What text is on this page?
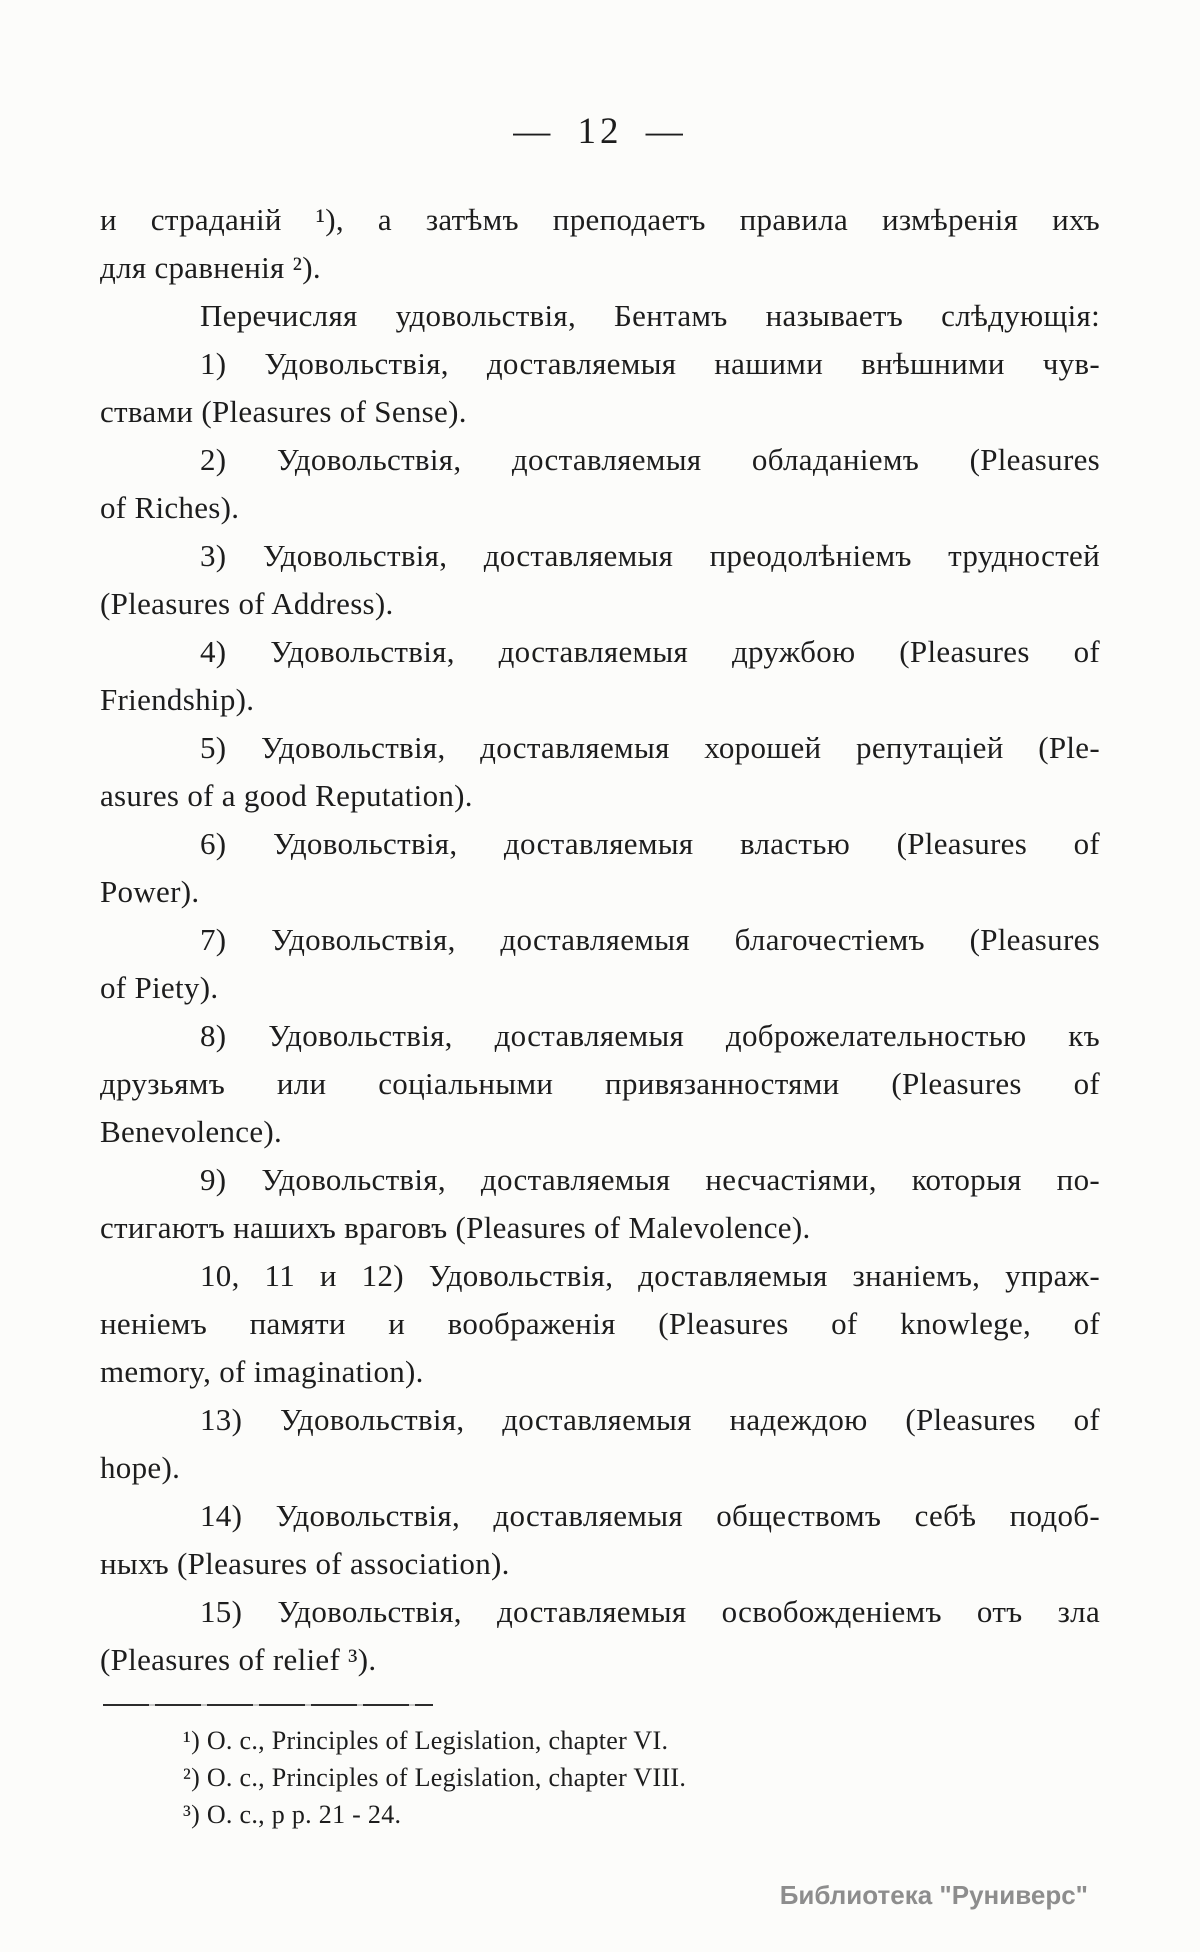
— 12 —
и страданій ¹), а затѣмъ преподаетъ правила измѣренія ихъ
для сравненія ²).
Перечисляя удовольствія, Бентамъ называетъ слѣдующія:
1) Удовольствія, доставляемыя нашими внѣшними чув-
ствами (Pleasures of Sense).
2) Удовольствія, доставляемыя обладаніемъ (Pleasures
of Riches).
3) Удовольствія, доставляемыя преодолѣніемъ трудностей
(Pleasures of Address).
4) Удовольствія, доставляемыя дружбою (Pleasures of
Friendship).
5) Удовольствія, доставляемыя хорошей репутаціей (Ple-
asures of a good Reputation).
6) Удовольствія, доставляемыя властью (Pleasures of
Power).
7) Удовольствія, доставляемыя благочестіемъ (Pleasures
of Piety).
8) Удовольствія, доставляемыя доброжелательностью къ
друзьямъ или соціальными привязанностями (Pleasures of
Benevolence).
9) Удовольствія, доставляемыя несчастіями, которыя по-
стигаютъ нашихъ враговъ (Pleasures of Malevolence).
10, 11 и 12) Удовольствія, доставляемыя знаніемъ, упраж-
неніемъ памяти и воображенія (Pleasures of knowlege, of
memory, of imagination).
13) Удовольствія, доставляемыя надеждою (Pleasures of
hope).
14) Удовольствія, доставляемыя обществомъ себѣ подоб-
ныхъ (Pleasures of association).
15) Удовольствія, доставляемыя освобожденіемъ отъ зла
(Pleasures of relief ³).
¹) O. c., Principles of Legislation, chapter VI.
²) O. c., Principles of Legislation, chapter VIII.
³) O. c., p p. 21 - 24.
Библиотека "Руниверс"
